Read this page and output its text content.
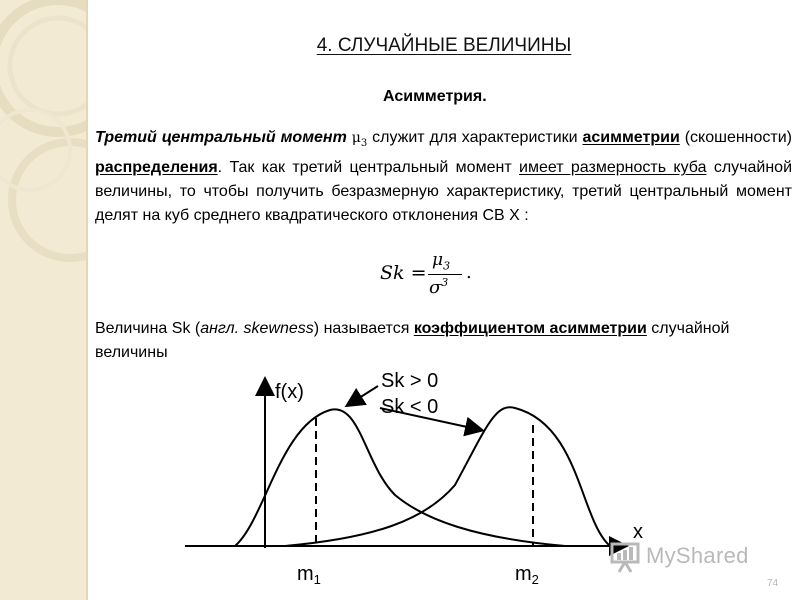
4. СЛУЧАЙНЫЕ ВЕЛИЧИНЫ
Асимметрия.
Третий центральный момент $\mu_3$ служит для характеристики асимметрии (скошенности) распределения. Так как третий центральный момент имеет размерность куба случайной величины, то чтобы получить безразмерную характеристику, третий центральный момент делят на куб среднего квадратического отклонения СВ Х :
Sk =
$\mu_3$
$\sigma^3$ .
Величина Sk (англ. skewness) называется коэффициентом асимметрии случайной величины
f(x)
x
Sk > 0
Sk < 0
$m_1$	$m_2$
MyShared
74
